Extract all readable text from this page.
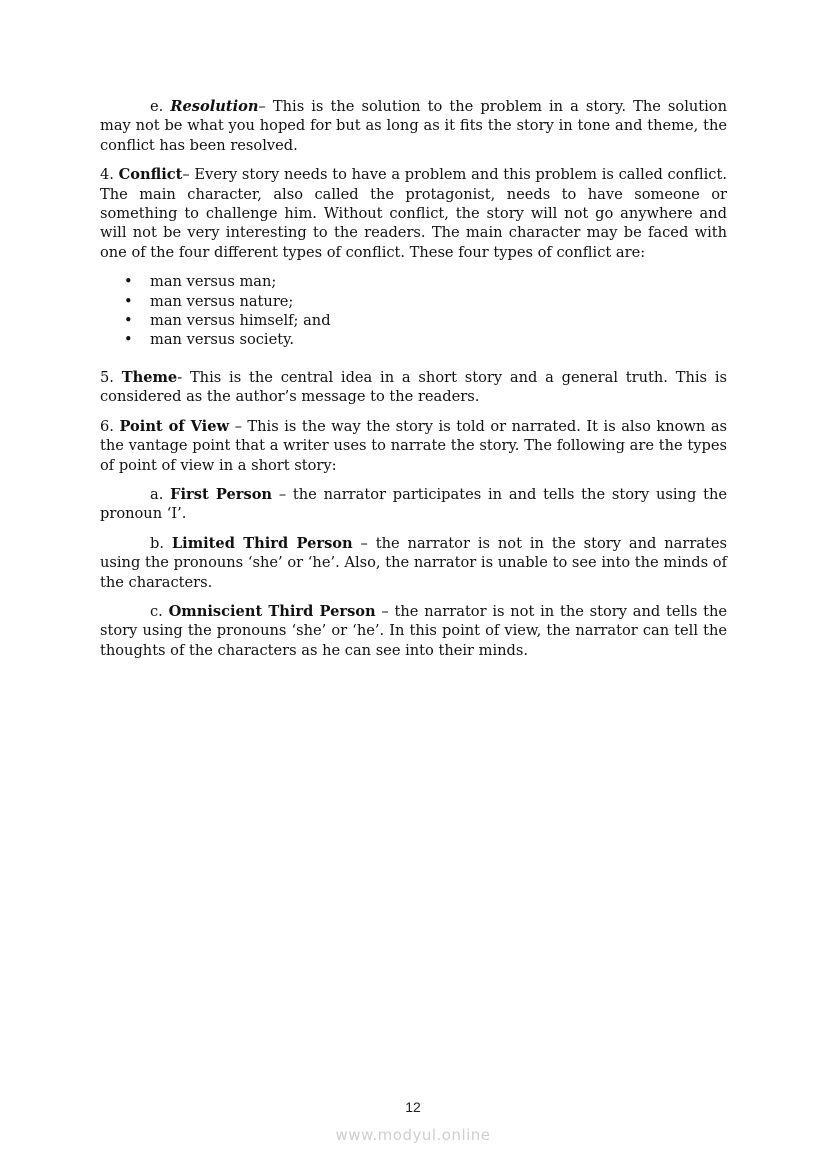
e. Resolution– This is the solution to the problem in a story. The solution may not be what you hoped for but as long as it fits the story in tone and theme, the conflict has been resolved.

4. Conflict– Every story needs to have a problem and this problem is called conflict. The main character, also called the protagonist, needs to have someone or something to challenge him. Without conflict, the story will not go anywhere and will not be very interesting to the readers. The main character may be faced with one of the four different types of conflict. These four types of conflict are:

• man versus man;
• man versus nature;
• man versus himself; and
• man versus society.

5. Theme- This is the central idea in a short story and a general truth. This is considered as the author’s message to the readers.

6. Point of View – This is the way the story is told or narrated. It is also known as the vantage point that a writer uses to narrate the story. The following are the types of point of view in a short story:

a. First Person – the narrator participates in and tells the story using the pronoun ‘I’.

b. Limited Third Person – the narrator is not in the story and narrates using the pronouns ‘she’ or ‘he’. Also, the narrator is unable to see into the minds of the characters.

c. Omniscient Third Person – the narrator is not in the story and tells the story using the pronouns ‘she’ or ‘he’. In this point of view, the narrator can tell the thoughts of the characters as he can see into their minds.

12
www.modyul.online
